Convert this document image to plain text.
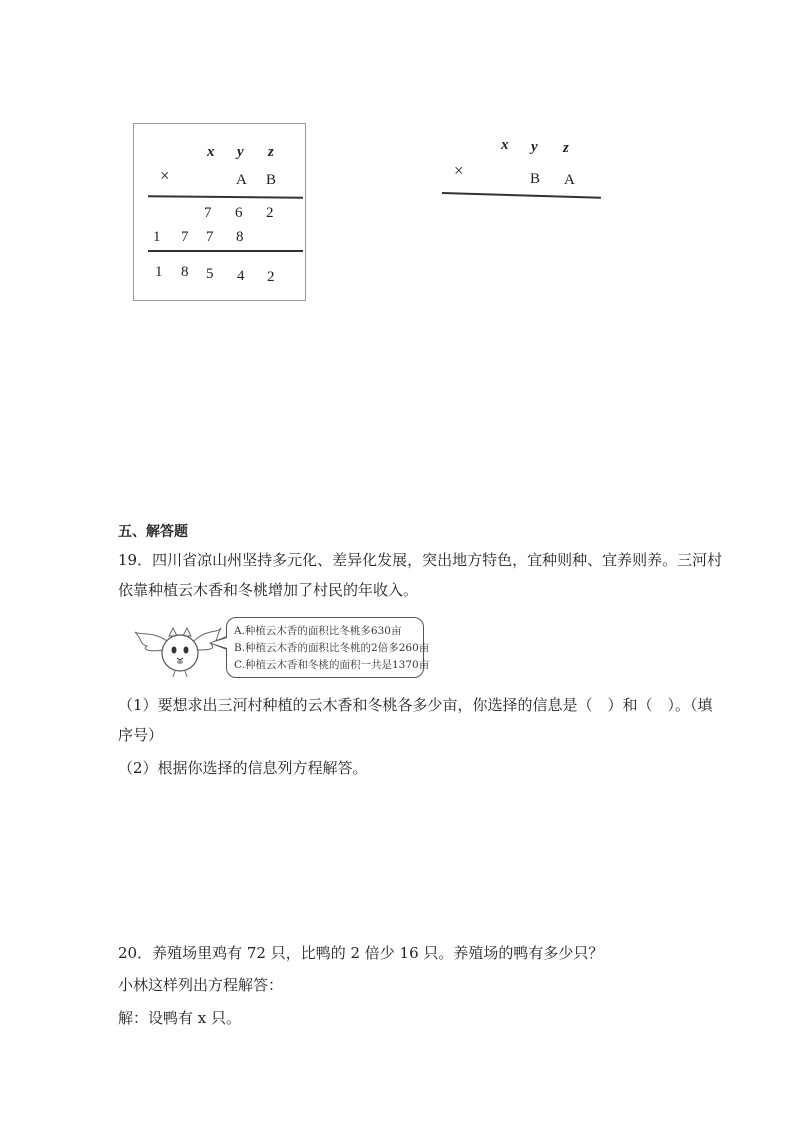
x y z
×	A B
7 6 2
1 7 7 8
1 8 5 4 2
x y z
×	B A
五、解答题
19．四川省凉山州坚持多元化、差异化发展，突出地方特色，宜种则种、宜养则养。三河村
依靠种植云木香和冬桃增加了村民的年收入。
A.种植云木香的面积比冬桃多630亩
B.种植云木香的面积比冬桃的2倍多260亩
C.种植云木香和冬桃的面积一共是1370亩
（1）要想求出三河村种植的云木香和冬桃各多少亩，你选择的信息是（　）和（　）。（填
序号）
（2）根据你选择的信息列方程解答。
20．养殖场里鸡有 72 只，比鸭的 2 倍少 16 只。养殖场的鸭有多少只？
小林这样列出方程解答：
解：设鸭有 x 只。
